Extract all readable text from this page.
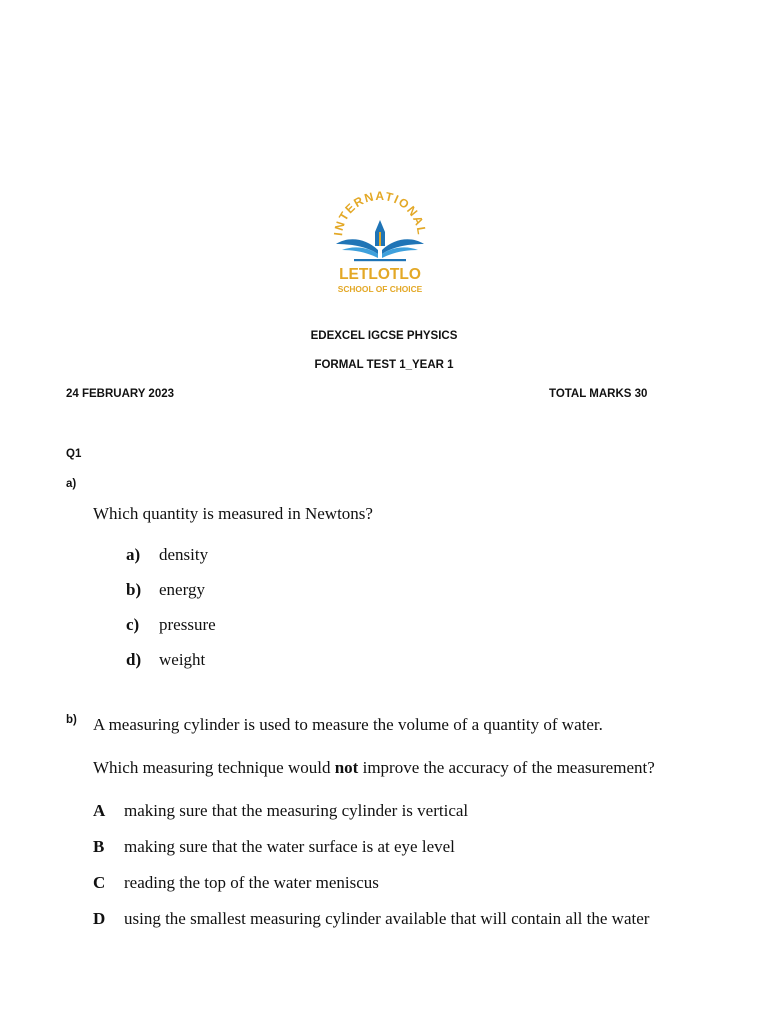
INTERNATIONAL
LETLOTLO
SCHOOL OF CHOICE
EDEXCEL IGCSE PHYSICS
FORMAL TEST 1_YEAR 1
24 FEBRUARY 2023	TOTAL MARKS 30
Q1
a)
Which quantity is measured in Newtons?
a) density
b) energy
c) pressure
d) weight
b) A measuring cylinder is used to measure the volume of a quantity of water.
Which measuring technique would not improve the accuracy of the measurement?
A making sure that the measuring cylinder is vertical
B making sure that the water surface is at eye level
C reading the top of the water meniscus
D using the smallest measuring cylinder available that will contain all the water
